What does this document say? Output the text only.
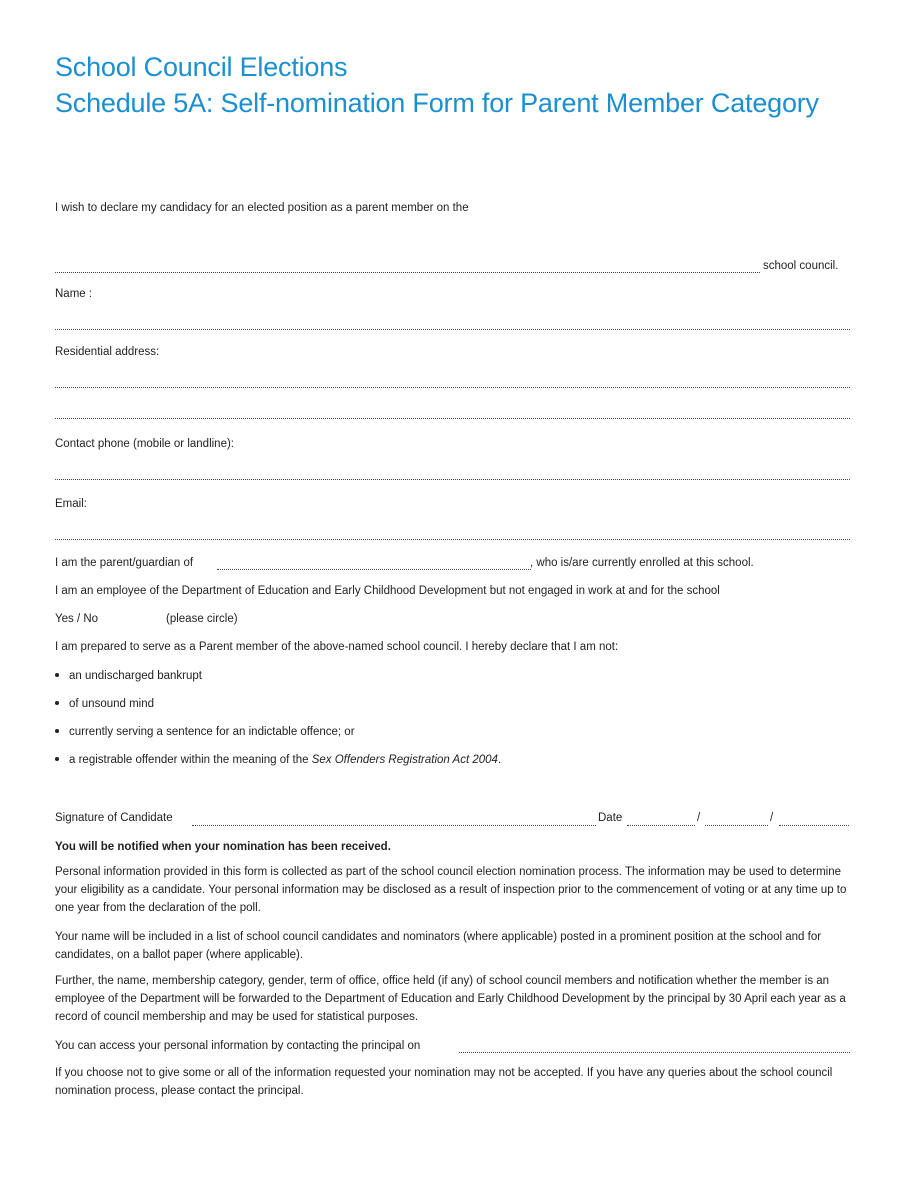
School Council Elections
Schedule 5A: Self-nomination Form for Parent Member Category
I wish to declare my candidacy for an elected position as a parent member on the
school council.
Name :
Residential address:
Contact phone (mobile or landline):
Email:
I am the parent/guardian of	, who is/are currently enrolled at this school.
I am an employee of the Department of Education and Early Childhood Development but not engaged in work at and for the school
Yes / No	(please circle)
I am prepared to serve as a Parent member of the above-named school council. I hereby declare that I am not:
an undischarged bankrupt
of unsound mind
currently serving a sentence for an indictable offence; or
a registrable offender within the meaning of the Sex Offenders Registration Act 2004.
Signature of Candidate	Date	/	/
You will be notified when your nomination has been received.
Personal information provided in this form is collected as part of the school council election nomination process. The information may be used to determine your eligibility as a candidate. Your personal information may be disclosed as a result of inspection prior to the commencement of voting or at any time up to one year from the declaration of the poll.
Your name will be included in a list of school council candidates and nominators (where applicable) posted in a prominent position at the school and for candidates, on a ballot paper (where applicable).
Further, the name, membership category, gender, term of office, office held (if any) of school council members and notification whether the member is an employee of the Department will be forwarded to the Department of Education and Early Childhood Development by the principal by 30 April each year as a record of council membership and may be used for statistical purposes.
You can access your personal information by contacting the principal on
If you choose not to give some or all of the information requested your nomination may not be accepted. If you have any queries about the school council nomination process, please contact the principal.
